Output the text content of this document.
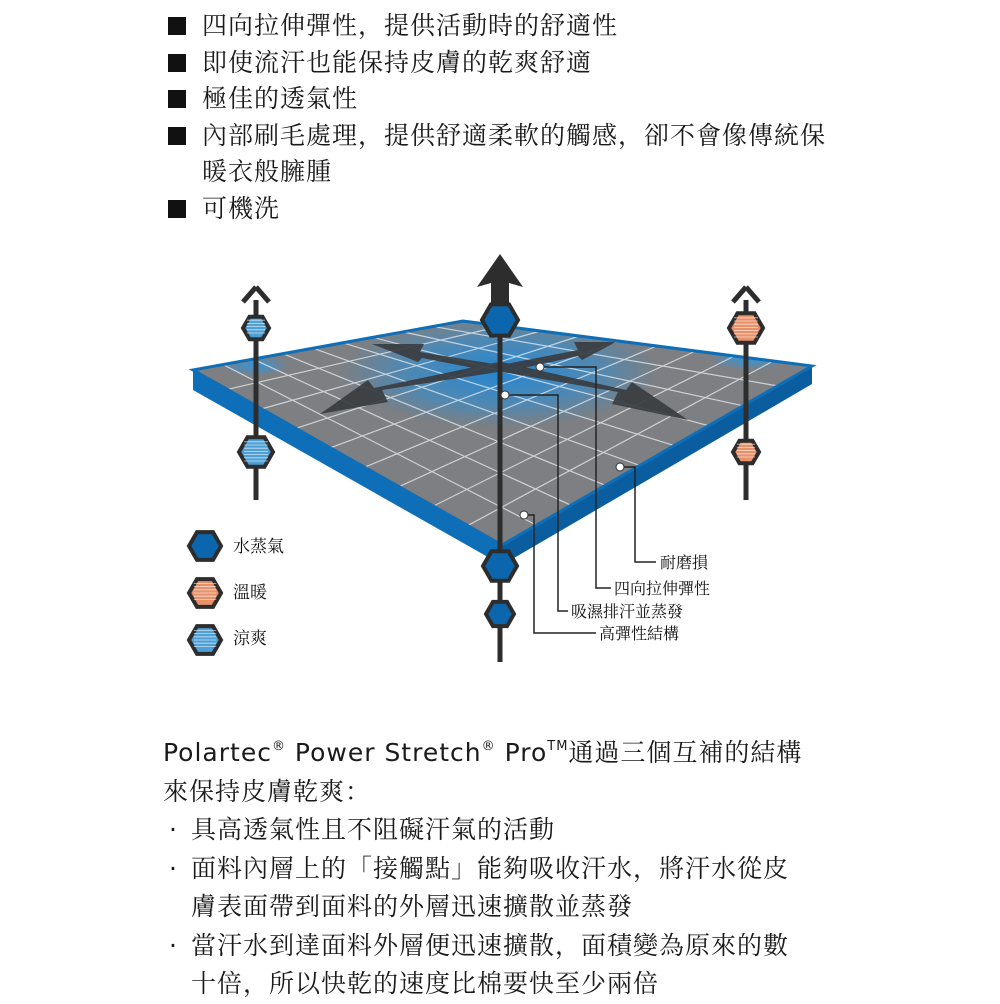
四向拉伸彈性，提供活動時的舒適性
即使流汗也能保持皮膚的乾爽舒適
極佳的透氣性
內部刷毛處理，提供舒適柔軟的觸感，卻不會像傳統保暖衣般臃腫
可機洗
耐磨損
四向拉伸彈性
吸濕排汗並蒸發
高彈性結構
水蒸氣
溫暖
涼爽
Polartec® Power Stretch® Pro™通過三個互補的結構
來保持皮膚乾爽：
· 具高透氣性且不阻礙汗氣的活動
· 面料內層上的「接觸點」能夠吸收汗水，將汗水從皮
膚表面帶到面料的外層迅速擴散並蒸發
· 當汗水到達面料外層便迅速擴散，面積變為原來的數
十倍，所以快乾的速度比棉要快至少兩倍
